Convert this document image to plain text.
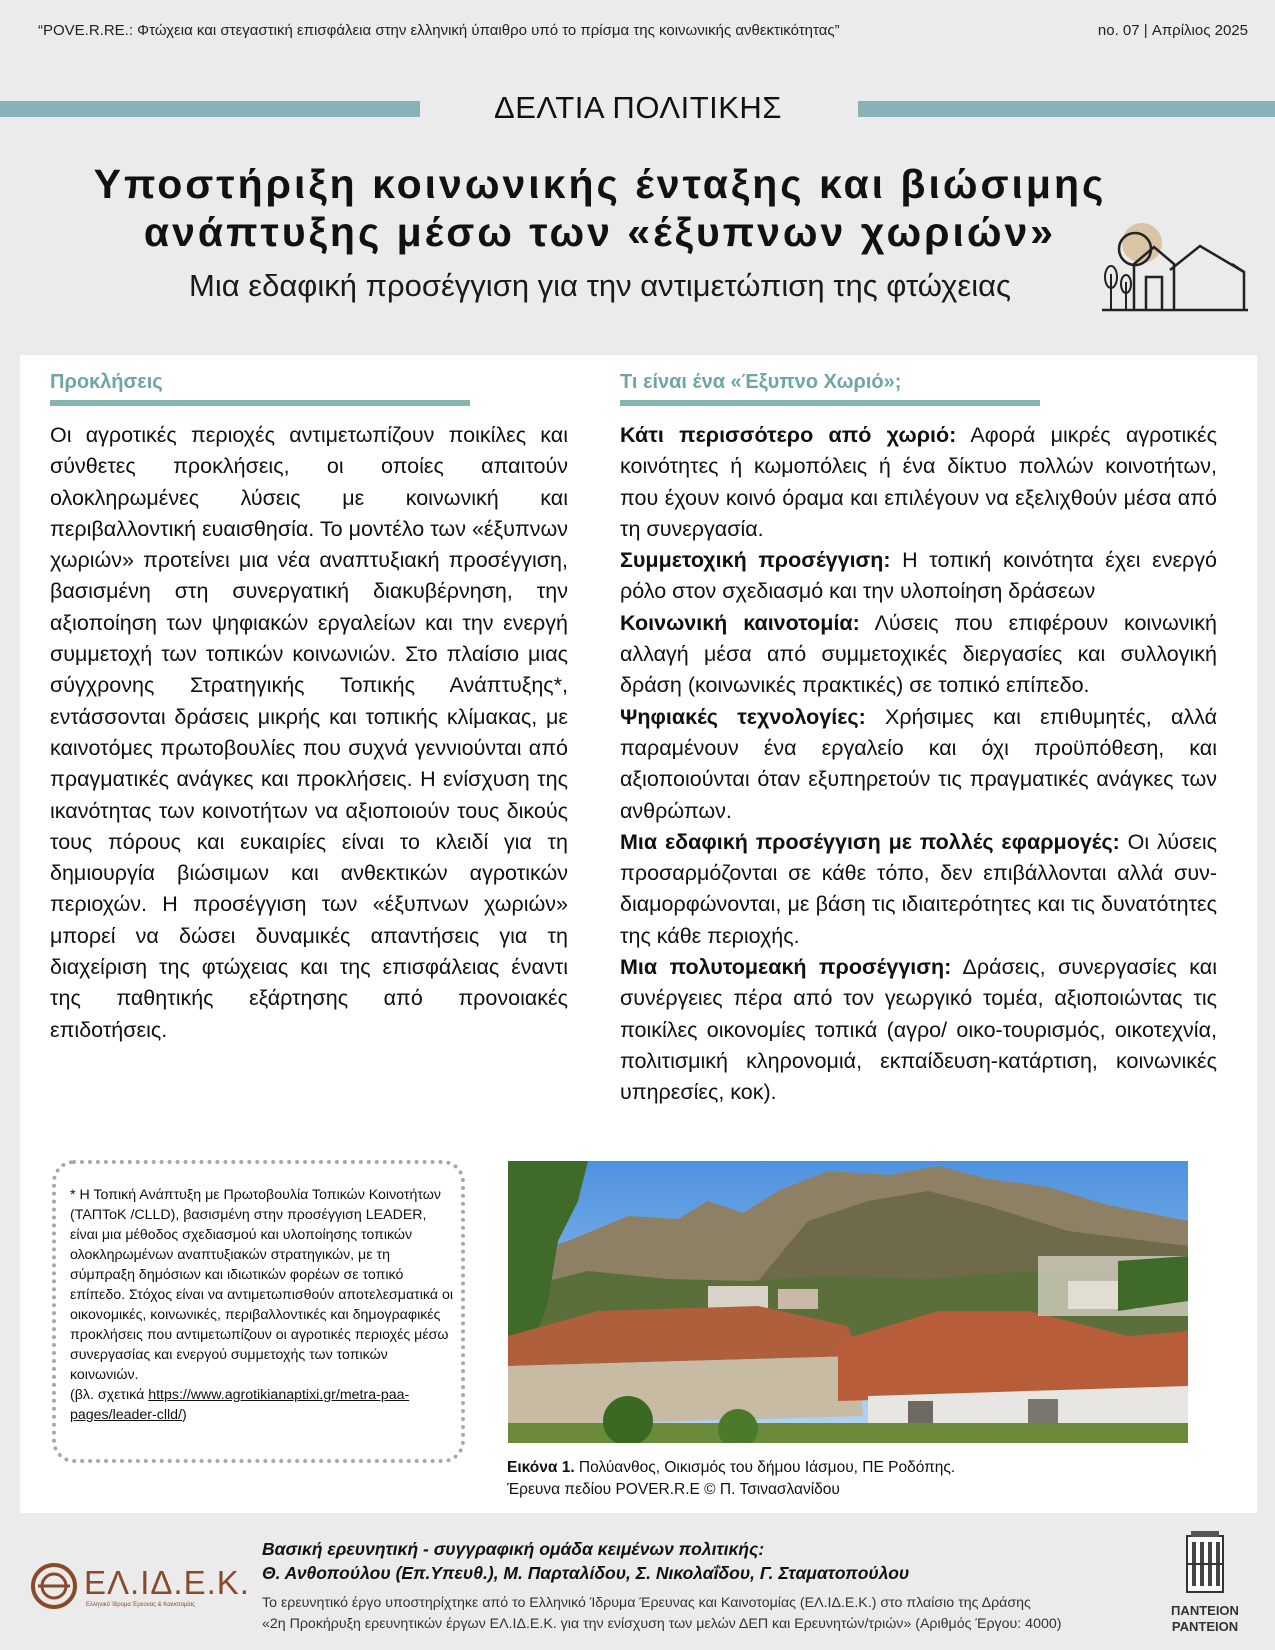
“POVE.R.RE.: Φτώχεια και στεγαστική επισφάλεια στην ελληνική ύπαιθρο υπό το πρίσμα της κοινωνικής ανθεκτικότητας”	no. 07 | Απρίλιος 2025
ΔΕΛΤΙΑ ΠΟΛΙΤΙΚΗΣ
Υποστήριξη κοινωνικής ένταξης και βιώσιμης
ανάπτυξης μέσω των «έξυπνων χωριών»
Μια εδαφική προσέγγιση για την αντιμετώπιση της φτώχειας
Προκλήσεις

Οι αγροτικές περιοχές αντιμετωπίζουν ποικίλες και σύνθετες προκλήσεις, οι οποίες απαιτούν ολοκληρωμένες λύσεις με κοινωνική και περιβαλλοντική ευαισθησία. Το μοντέλο των «έξυπνων χωριών» προτείνει μια νέα αναπτυξιακή προσέγγιση, βασισμένη στη συνεργατική διακυβέρνηση, την αξιοποίηση των ψηφιακών εργαλείων και την ενεργή συμμετοχή των τοπικών κοινωνιών. Στο πλαίσιο μιας σύγχρονης Στρατηγικής Τοπικής Ανάπτυξης*, εντάσσονται δράσεις μικρής και τοπικής κλίμακας, με καινοτόμες πρωτοβουλίες που συχνά γεννιούνται από πραγματικές ανάγκες και προκλήσεις. Η ενίσχυση της ικανότητας των κοινοτήτων να αξιοποιούν τους δικούς τους πόρους και ευκαιρίες είναι το κλειδί για τη δημιουργία βιώσιμων και ανθεκτικών αγροτικών περιοχών. Η προσέγγιση των «έξυπνων χωριών» μπορεί να δώσει δυναμικές απαντήσεις για τη διαχείριση της φτώχειας και της επισφάλειας έναντι της παθητικής εξάρτησης από προνοιακές επιδοτήσεις.

Τι είναι ένα «Έξυπνο Χωριό»;

Κάτι περισσότερο από χωριό: Αφορά μικρές αγροτικές κοινότητες ή κωμοπόλεις ή ένα δίκτυο πολλών κοινοτήτων, που έχουν κοινό όραμα και επιλέγουν να εξελιχθούν μέσα από τη συνεργασία.

Συμμετοχική προσέγγιση: Η τοπική κοινότητα έχει ενεργό ρόλο στον σχεδιασμό και την υλοποίηση δράσεων

Κοινωνική καινοτομία: Λύσεις που επιφέρουν κοινωνική αλλαγή μέσα από συμμετοχικές διεργασίες και συλλογική δράση (κοινωνικές πρακτικές) σε τοπικό επίπεδο.

Ψηφιακές τεχνολογίες: Χρήσιμες και επιθυμητές, αλλά παραμένουν ένα εργαλείο και όχι προϋπόθεση, και αξιοποιούνται όταν εξυπηρετούν τις πραγματικές ανάγκες των ανθρώπων.

Μια εδαφική προσέγγιση με πολλές εφαρμογές: Οι λύσεις προσαρμόζονται σε κάθε τόπο, δεν επιβάλλονται αλλά συν-διαμορφώνονται, με βάση τις ιδιαιτερότητες και τις δυνατότητες της κάθε περιοχής.

Μια πολυτομεακή προσέγγιση: Δράσεις, συνεργασίες και συνέργειες πέρα από τον γεωργικό τομέα, αξιοποιώντας τις ποικίλες οικονομίες τοπικά (αγρο/ οικο-τουρισμός, οικοτεχνία, πολιτισμική κληρονομιά, εκπαίδευση-κατάρτιση, κοινωνικές υπηρεσίες, κοκ).

* Η Τοπική Ανάπτυξη με Πρωτοβουλία Τοπικών Κοινοτήτων (ΤΑΠΤοΚ /CLLD), βασισμένη στην προσέγγιση LEADER, είναι μια μέθοδος σχεδιασμού και υλοποίησης τοπικών ολοκληρωμένων αναπτυξιακών στρατηγικών, με τη σύμπραξη δημόσιων και ιδιωτικών φορέων σε τοπικό επίπεδο. Στόχος είναι να αντιμετωπισθούν αποτελεσματικά οι οικονομικές, κοινωνικές, περιβαλλοντικές και δημογραφικές προκλήσεις που αντιμετωπίζουν οι αγροτικές περιοχές μέσω συνεργασίας και ενεργού συμμετοχής των τοπικών κοινωνιών.
(βλ. σχετικά https://www.agrotikianaptixi.gr/metra-paa-pages/leader-clld/)
Εικόνα 1. Πολύανθος, Οικισμός του δήμου Ιάσμου, ΠΕ Ροδόπης.
Έρευνα πεδίου POVER.R.E © Π. Τσινασλανίδου
ΕΛ.ΙΔ.Ε.Κ.
Ελληνικό Ίδρυμα Έρευνας & Καινοτομίας
Βασική ερευνητική - συγγραφική ομάδα κειμένων πολιτικής:
Θ. Ανθοπούλου (Επ.Υπευθ.), Μ. Παρταλίδου, Σ. Νικολαΐδου, Γ. Σταματοπούλου
Το ερευνητικό έργο υποστηρίχτηκε από το Ελληνικό Ίδρυμα Έρευνας και Καινοτομίας (ΕΛ.ΙΔ.Ε.Κ.) στο πλαίσιο της Δράσης
«2η Προκήρυξη ερευνητικών έργων ΕΛ.ΙΔ.Ε.Κ. για την ενίσχυση των μελών ΔΕΠ και Ερευνητών/τριών» (Αριθμός Έργου: 4000)
ΠΑΝΤΕΙΟΝ
ΡΑΝΤΕΙΟΝ
